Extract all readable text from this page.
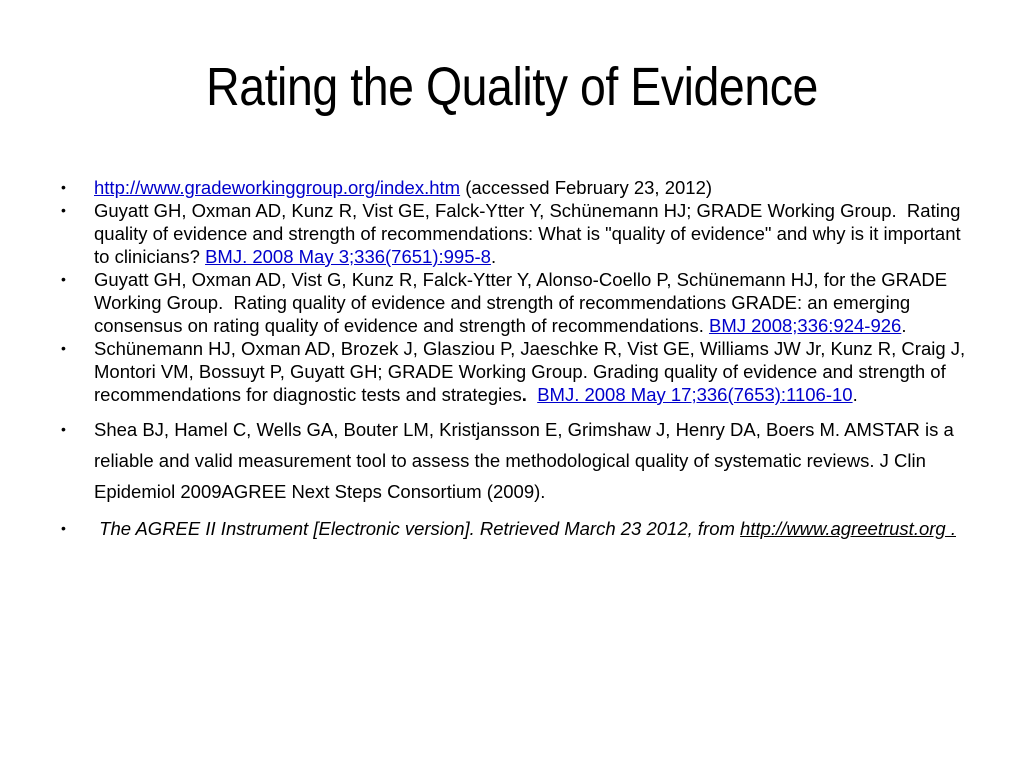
Rating the Quality of Evidence
• http://www.gradeworkinggroup.org/index.htm (accessed February 23, 2012)
• Guyatt GH, Oxman AD, Kunz R, Vist GE, Falck-Ytter Y, Schünemann HJ; GRADE Working Group.  Rating quality of evidence and strength of recommendations: What is "quality of evidence" and why is it important to clinicians? BMJ. 2008 May 3;336(7651):995-8.
• Guyatt GH, Oxman AD, Vist G, Kunz R, Falck-Ytter Y, Alonso-Coello P, Schünemann HJ, for the GRADE Working Group.  Rating quality of evidence and strength of recommendations GRADE: an emerging consensus on rating quality of evidence and strength of recommendations. BMJ 2008;336:924-926.
• Schünemann HJ, Oxman AD, Brozek J, Glasziou P, Jaeschke R, Vist GE, Williams JW Jr, Kunz R, Craig J, Montori VM, Bossuyt P, Guyatt GH; GRADE Working Group. Grading quality of evidence and strength of recommendations for diagnostic tests and strategies. BMJ. 2008 May 17;336(7653):1106-10.
• Shea BJ, Hamel C, Wells GA, Bouter LM, Kristjansson E, Grimshaw J, Henry DA, Boers M. AMSTAR is a reliable and valid measurement tool to assess the methodological quality of systematic reviews. J Clin Epidemiol 2009AGREE Next Steps Consortium (2009).
•  The AGREE II Instrument [Electronic version]. Retrieved March 23 2012, from http://www.agreetrust.org .
